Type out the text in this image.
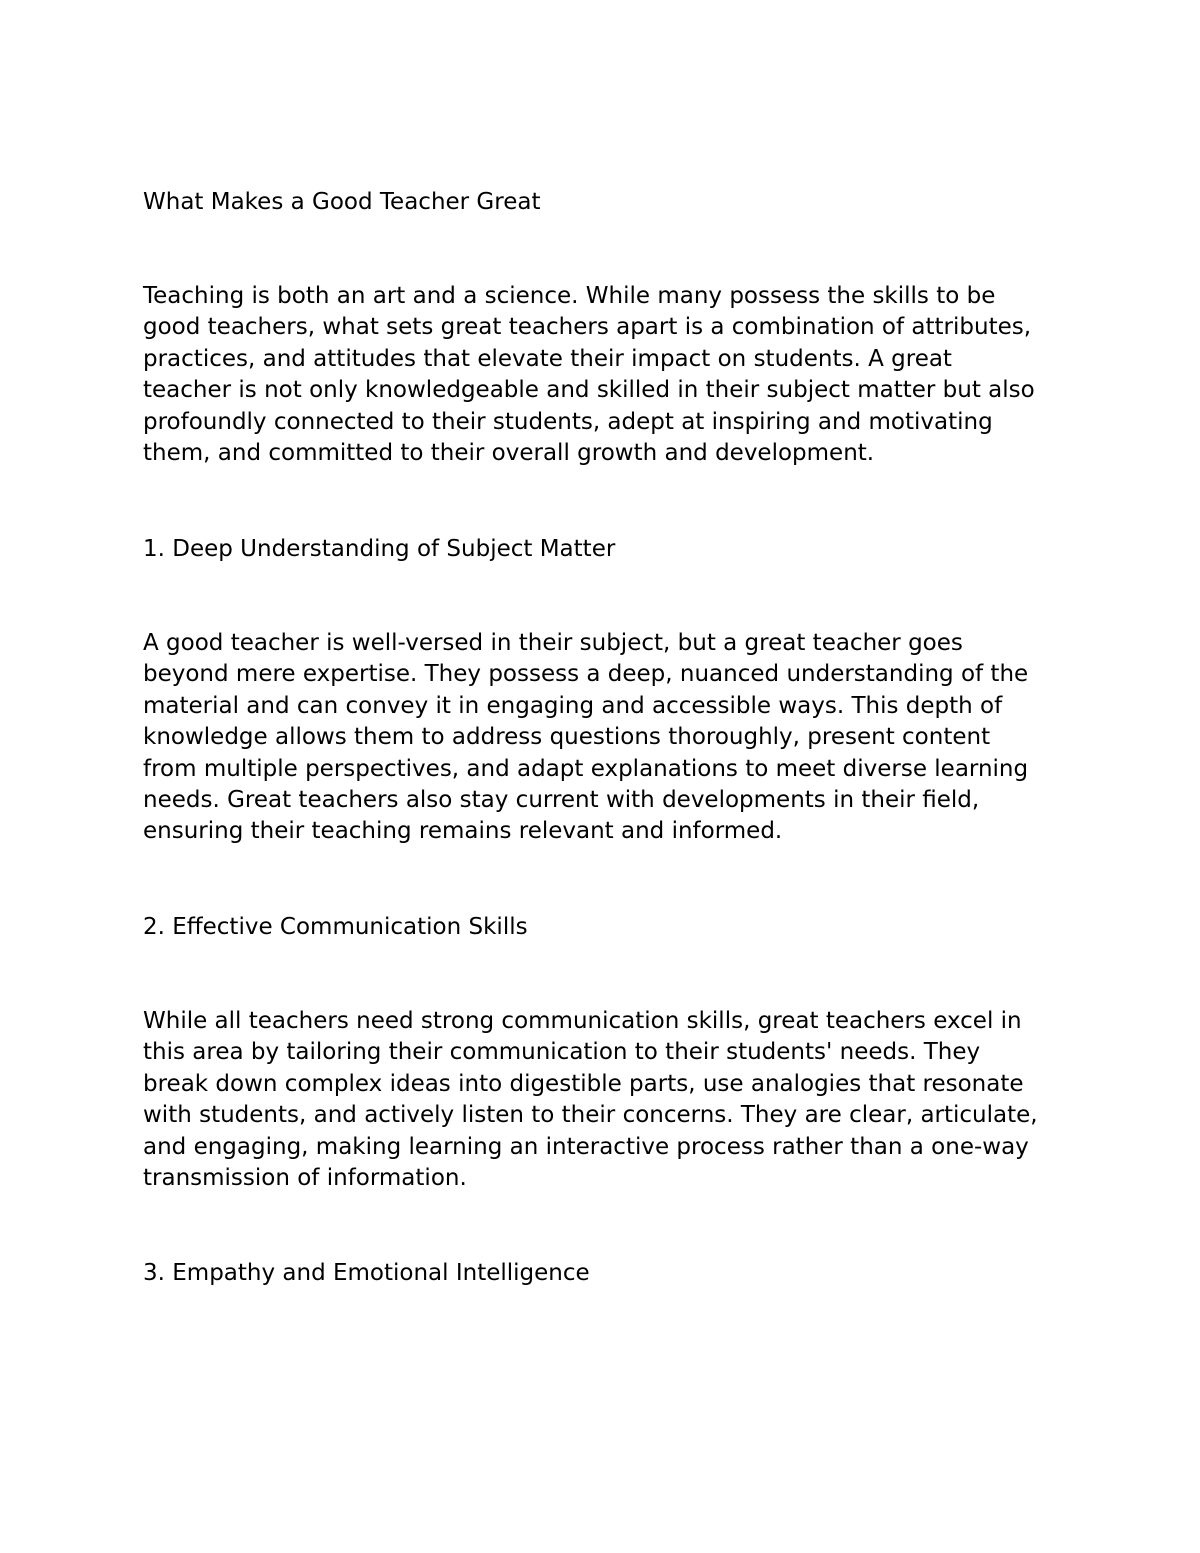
What Makes a Good Teacher Great

Teaching is both an art and a science. While many possess the skills to be
good teachers, what sets great teachers apart is a combination of attributes,
practices, and attitudes that elevate their impact on students. A great
teacher is not only knowledgeable and skilled in their subject matter but also
profoundly connected to their students, adept at inspiring and motivating
them, and committed to their overall growth and development.

1. Deep Understanding of Subject Matter

A good teacher is well-versed in their subject, but a great teacher goes
beyond mere expertise. They possess a deep, nuanced understanding of the
material and can convey it in engaging and accessible ways. This depth of
knowledge allows them to address questions thoroughly, present content
from multiple perspectives, and adapt explanations to meet diverse learning
needs. Great teachers also stay current with developments in their field,
ensuring their teaching remains relevant and informed.

2. Effective Communication Skills

While all teachers need strong communication skills, great teachers excel in
this area by tailoring their communication to their students' needs. They
break down complex ideas into digestible parts, use analogies that resonate
with students, and actively listen to their concerns. They are clear, articulate,
and engaging, making learning an interactive process rather than a one-way
transmission of information.

3. Empathy and Emotional Intelligence
